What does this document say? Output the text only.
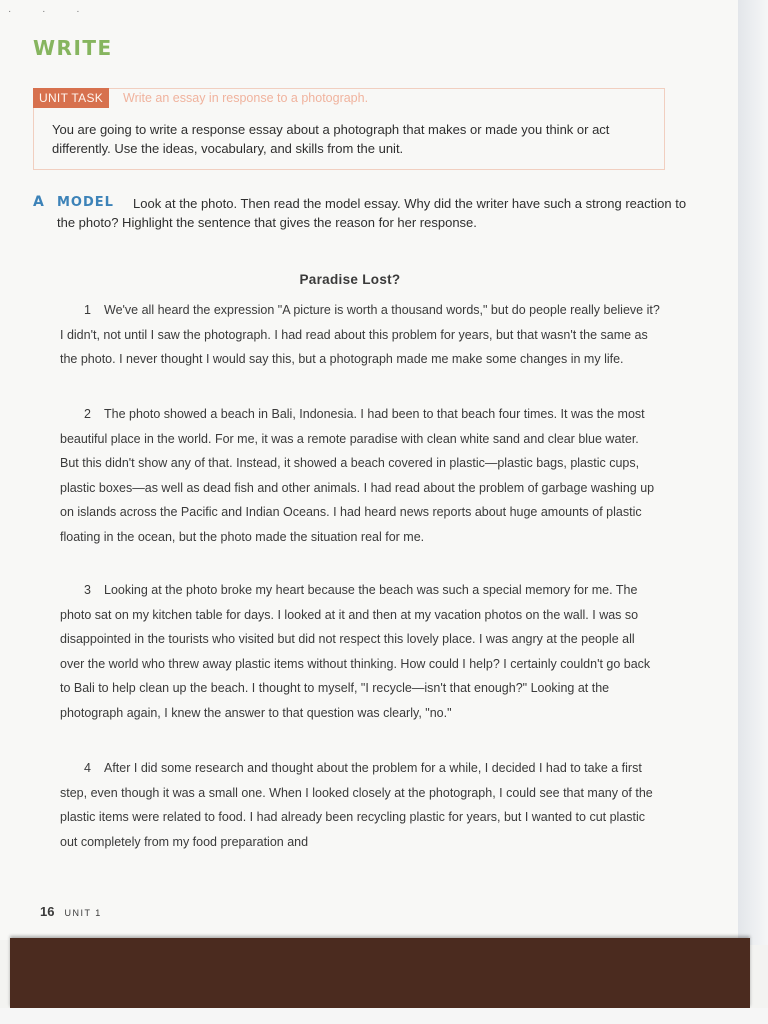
· · ·
WRITE
UNIT TASK	Write an essay in response to a photograph.
You are going to write a response essay about a photograph that makes or made you think or act differently. Use the ideas, vocabulary, and skills from the unit.
A	Look at the photo. Then read the model essay. Why did the writer have such a strong reaction to the photo? Highlight the sentence that gives the reason for her response.
MODEL
Paradise Lost?
1 We've all heard the expression "A picture is worth a thousand words," but do people really believe it? I didn't, not until I saw the photograph. I had read about this problem for years, but that wasn't the same as the photo. I never thought I would say this, but a photograph made me make some changes in my life.
2 The photo showed a beach in Bali, Indonesia. I had been to that beach four times. It was the most beautiful place in the world. For me, it was a remote paradise with clean white sand and clear blue water. But this didn't show any of that. Instead, it showed a beach covered in plastic—plastic bags, plastic cups, plastic boxes—as well as dead fish and other animals. I had read about the problem of garbage washing up on islands across the Pacific and Indian Oceans. I had heard news reports about huge amounts of plastic floating in the ocean, but the photo made the situation real for me.
3 Looking at the photo broke my heart because the beach was such a special memory for me. The photo sat on my kitchen table for days. I looked at it and then at my vacation photos on the wall. I was so disappointed in the tourists who visited but did not respect this lovely place. I was angry at the people all over the world who threw away plastic items without thinking. How could I help? I certainly couldn't go back to Bali to help clean up the beach. I thought to myself, "I recycle—isn't that enough?" Looking at the photograph again, I knew the answer to that question was clearly, "no."
4 After I did some research and thought about the problem for a while, I decided I had to take a first step, even though it was a small one. When I looked closely at the photograph, I could see that many of the plastic items were related to food. I had already been recycling plastic for years, but I wanted to cut plastic out completely from my food preparation and
16 UNIT 1
